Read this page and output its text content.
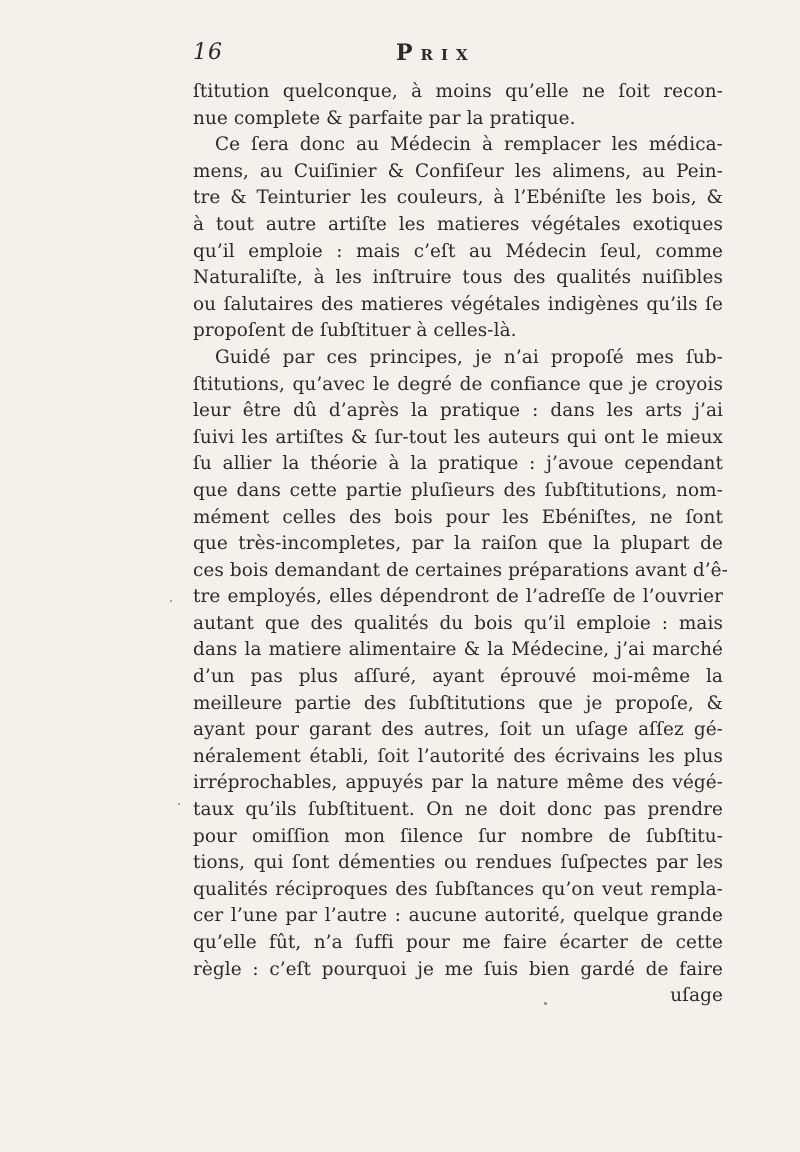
16	Prix
ſtitution quelconque, à moins qu’elle ne ſoit recon-
nue complete & parfaite par la pratique.
Ce ſera donc au Médecin à remplacer les médica-
mens, au Cuiſinier & Confiſeur les alimens, au Pein-
tre & Teinturier les couleurs, à l’Ebéniſte les bois, &
à tout autre artiſte les matieres végétales exotiques
qu’il emploie : mais c’eſt au Médecin ſeul, comme
Naturaliſte, à les inſtruire tous des qualités nuiſibles
ou ſalutaires des matieres végétales indigènes qu’ils ſe
propoſent de ſubſtituer à celles-là.
Guidé par ces principes, je n’ai propoſé mes ſub-
ſtitutions, qu’avec le degré de confiance que je croyois
leur être dû d’après la pratique : dans les arts j’ai
ſuivi les artiſtes & ſur-tout les auteurs qui ont le mieux
ſu allier la théorie à la pratique : j’avoue cependant
que dans cette partie pluſieurs des ſubſtitutions, nom-
mément celles des bois pour les Ebéniſtes, ne ſont
que très-incompletes, par la raiſon que la plupart de
ces bois demandant de certaines préparations avant d’ê-
tre employés, elles dépendront de l’adreſſe de l’ouvrier
autant que des qualités du bois qu’il emploie : mais
dans la matiere alimentaire & la Médecine, j’ai marché
d’un pas plus aſſuré, ayant éprouvé moi-même la
meilleure partie des ſubſtitutions que je propoſe, &
ayant pour garant des autres, ſoit un uſage aſſez gé-
néralement établi, ſoit l’autorité des écrivains les plus
irréprochables, appuyés par la nature même des végé-
taux qu’ils ſubſtituent. On ne doit donc pas prendre
pour omiſſion mon ſilence ſur nombre de ſubſtitu-
tions, qui ſont démenties ou rendues ſuſpectes par les
qualités réciproques des ſubſtances qu’on veut rempla-
cer l’une par l’autre : aucune autorité, quelque grande
qu’elle fût, n’a ſuffi pour me faire écarter de cette
règle : c’eſt pourquoi je me ſuis bien gardé de faire
uſage
